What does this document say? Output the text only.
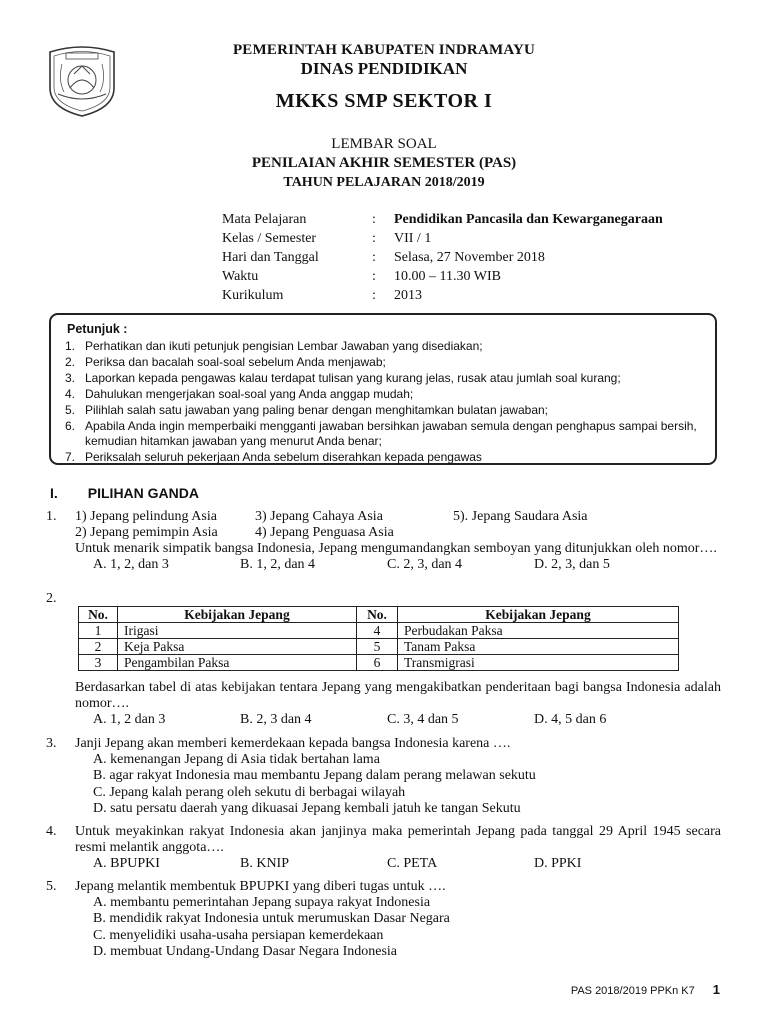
PEMERINTAH KABUPATEN INDRAMAYU
DINAS PENDIDIKAN
MKKS SMP SEKTOR I
LEMBAR SOAL
PENILAIAN AKHIR SEMESTER (PAS)
TAHUN PELAJARAN 2018/2019
Mata Pelajaran	:	Pendidikan Pancasila dan Kewarganegaraan
Kelas / Semester	:	VII / 1
Hari dan Tanggal	:	Selasa, 27 November 2018
Waktu	:	10.00 – 11.30 WIB
Kurikulum	:	2013
Petunjuk :
1. Perhatikan dan ikuti petunjuk pengisian Lembar Jawaban yang disediakan;
2. Periksa dan bacalah soal-soal sebelum Anda menjawab;
3. Laporkan kepada pengawas kalau terdapat tulisan yang kurang jelas, rusak atau jumlah soal kurang;
4. Dahulukan mengerjakan soal-soal yang Anda anggap mudah;
5. Pilihlah salah satu jawaban yang paling benar dengan menghitamkan bulatan jawaban;
6. Apabila Anda ingin memperbaiki mengganti jawaban bersihkan jawaban semula dengan penghapus sampai bersih, kemudian hitamkan jawaban yang menurut Anda benar;
7. Periksalah seluruh pekerjaan Anda sebelum diserahkan kepada pengawas
I. PILIHAN GANDA
1. 1) Jepang pelindung Asia	3) Jepang Cahaya Asia	5). Jepang Saudara Asia
2) Jepang pemimpin Asia	4) Jepang Penguasa Asia
Untuk menarik simpatik bangsa Indonesia, Jepang mengumandangkan semboyan yang ditunjukkan oleh nomor….
A. 1, 2, dan 3	B. 1, 2, dan 4	C. 2, 3, dan 4	D. 2, 3, dan 5
2.
No.	Kebijakan Jepang	No.	Kebijakan Jepang
1	Irigasi	4	Perbudakan Paksa
2	Keja Paksa	5	Tanam Paksa
3	Pengambilan Paksa	6	Transmigrasi
Berdasarkan tabel di atas kebijakan tentara Jepang yang mengakibatkan penderitaan bagi bangsa Indonesia adalah nomor….
A. 1, 2 dan 3	B. 2, 3 dan 4	C. 3, 4 dan 5	D. 4, 5 dan 6
3. Janji Jepang akan memberi kemerdekaan kepada bangsa Indonesia karena ….
A. kemenangan Jepang di Asia tidak bertahan lama
B. agar rakyat Indonesia mau membantu Jepang dalam perang melawan sekutu
C. Jepang kalah perang oleh sekutu di berbagai wilayah
D. satu persatu daerah yang dikuasai Jepang kembali jatuh ke tangan Sekutu
4. Untuk meyakinkan rakyat Indonesia akan janjinya maka pemerintah Jepang pada tanggal 29 April 1945 secara resmi melantik anggota….
A. BPUPKI	B. KNIP	C. PETA	D. PPKI
5. Jepang melantik membentuk BPUPKI yang diberi tugas untuk ….
A. membantu pemerintahan Jepang supaya rakyat Indonesia
B. mendidik rakyat Indonesia untuk merumuskan Dasar Negara
C. menyelidiki usaha-usaha persiapan kemerdekaan
D. membuat Undang-Undang Dasar Negara Indonesia
PAS 2018/2019 PPKn K7 1
